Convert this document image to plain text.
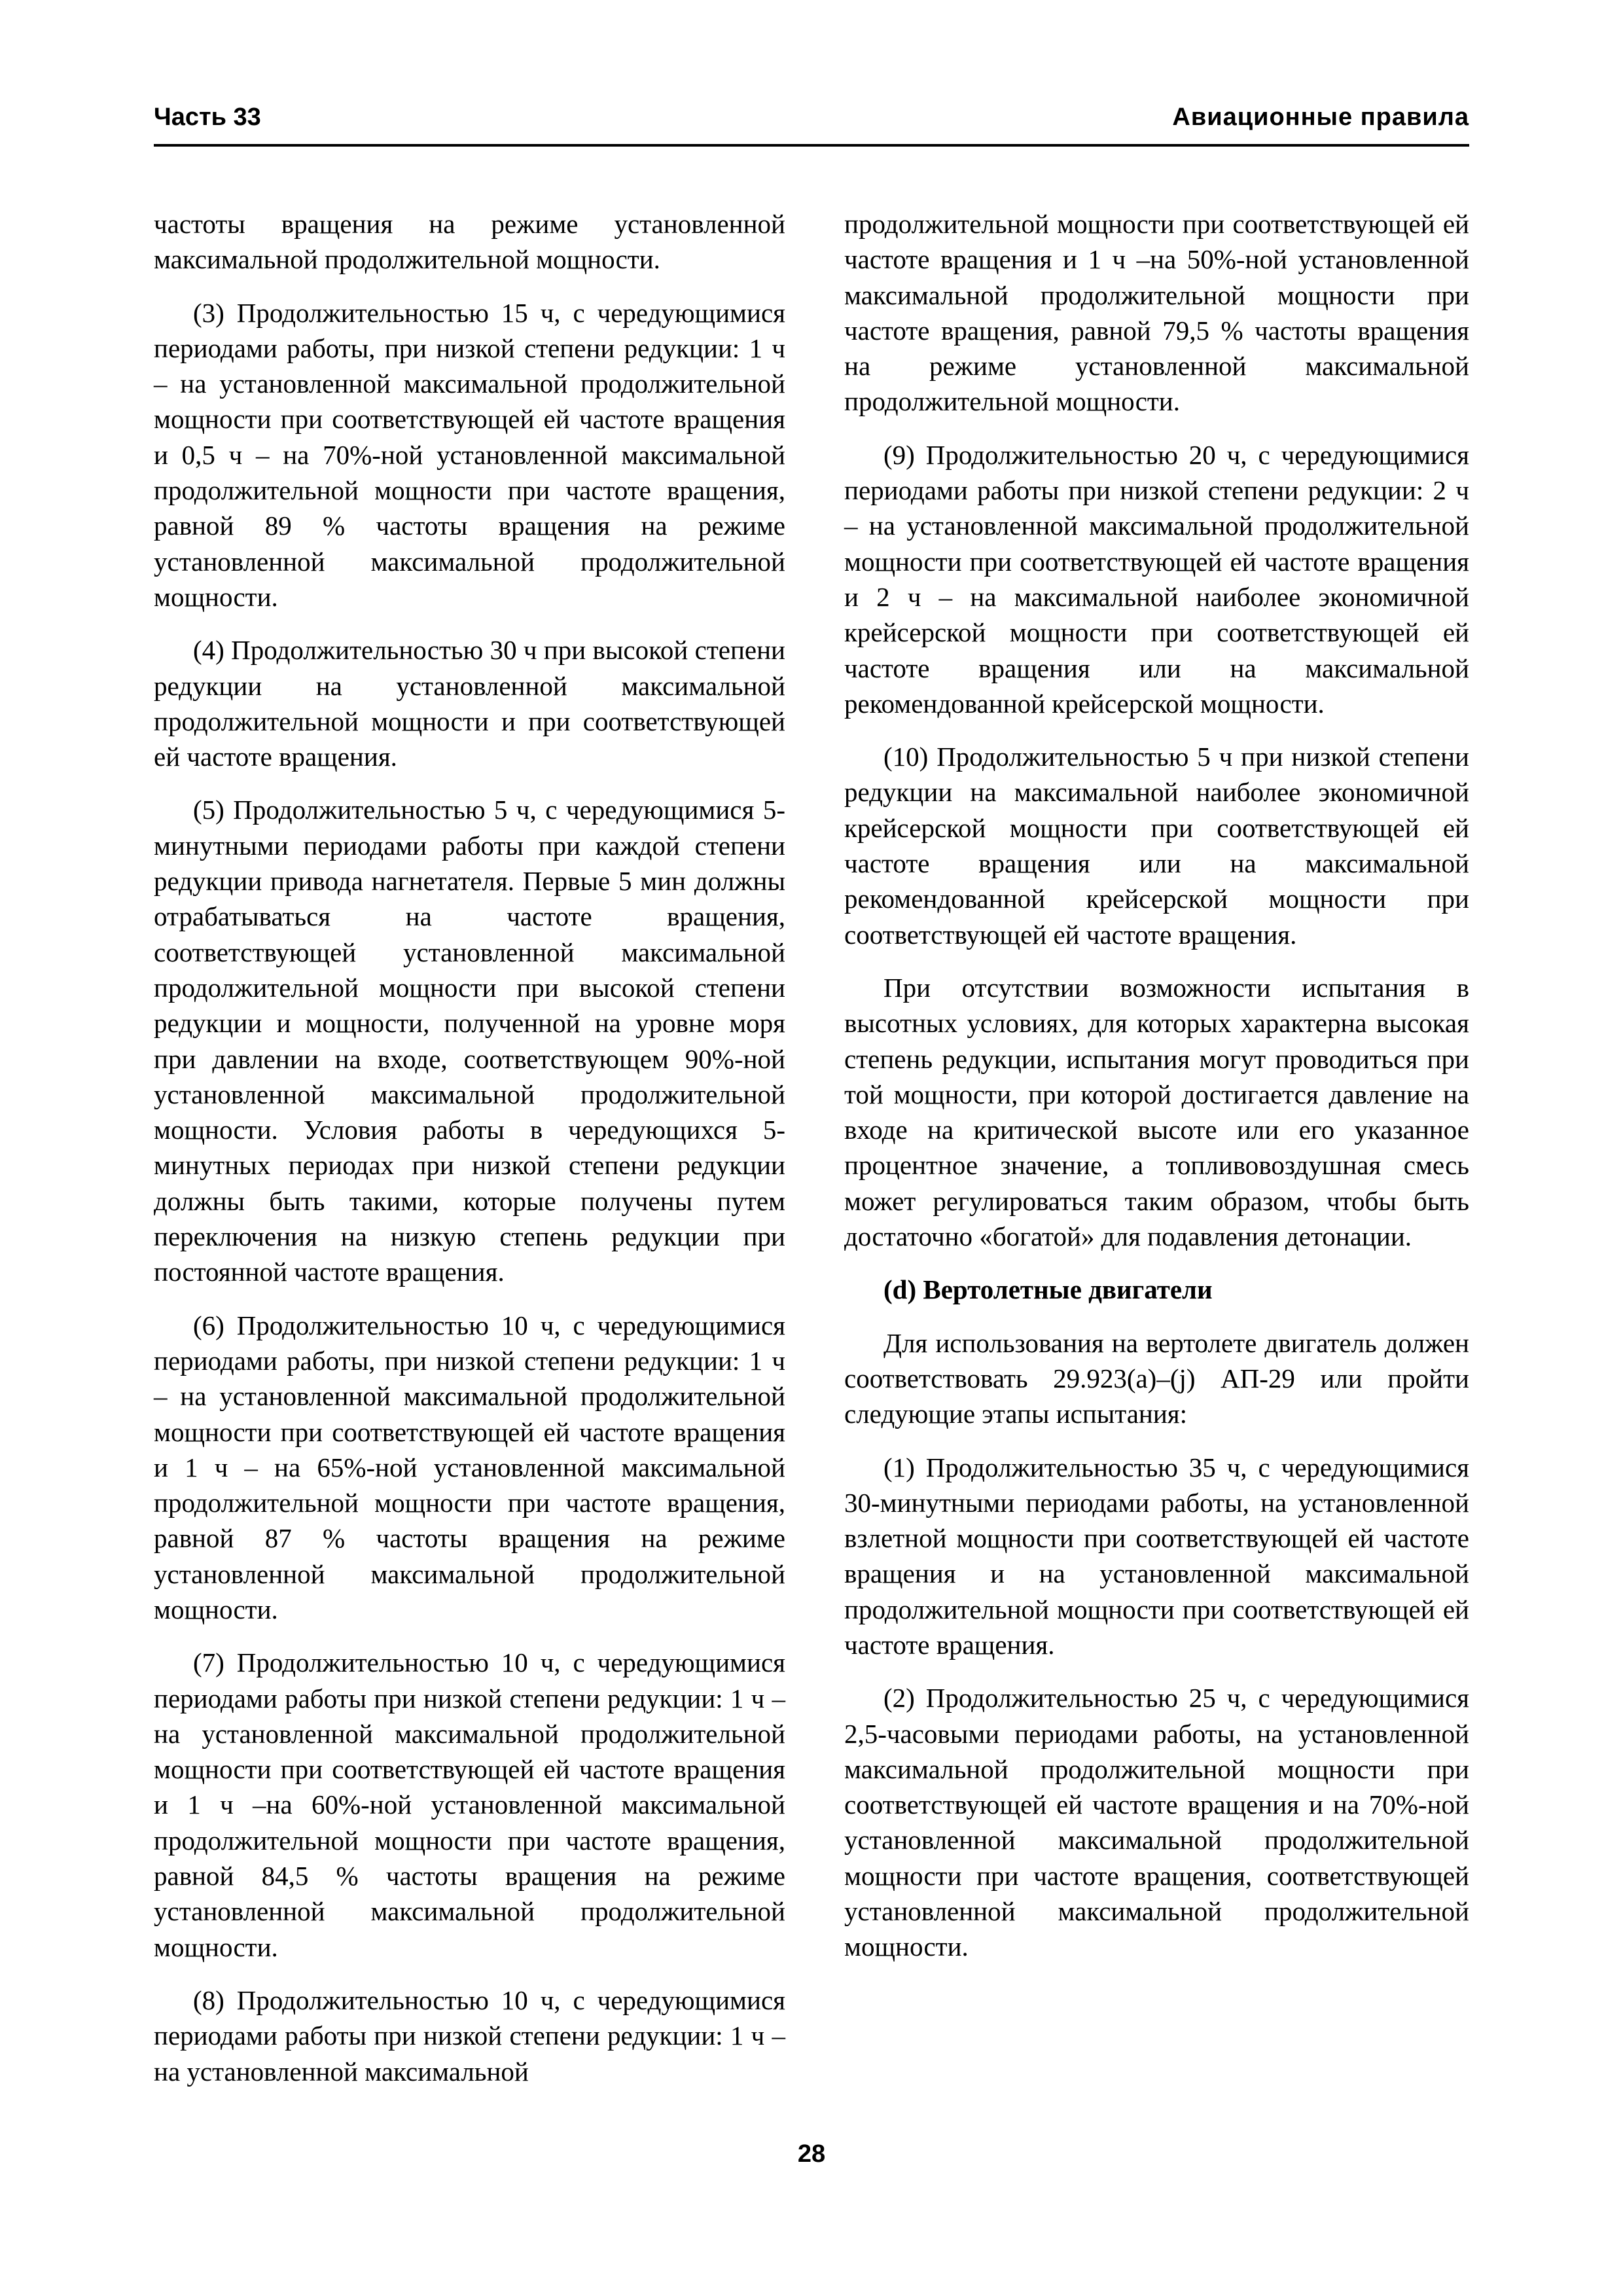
Часть 33	Авиационные правила

частоты вращения на режиме установленной максимальной продолжительной мощности.

(3) Продолжительностью 15 ч, с чередующимися периодами работы, при низкой степени редукции: 1 ч – на установленной максимальной продолжительной мощности при соответствующей ей частоте вращения и 0,5 ч – на 70%-ной установленной максимальной продолжительной мощности при частоте вращения, равной 89 % частоты вращения на режиме установленной максимальной продолжительной мощности.

(4) Продолжительностью 30 ч при высокой степени редукции на установленной максимальной продолжительной мощности и при соответствующей ей частоте вращения.

(5) Продолжительностью 5 ч, с чередующимися 5-минутными периодами работы при каждой степени редукции привода нагнетателя. Первые 5 мин должны отрабатываться на частоте вращения, соответствующей установленной максимальной продолжительной мощности при высокой степени редукции и мощности, полученной на уровне моря при давлении на входе, соответствующем 90%-ной установленной максимальной продолжительной мощности. Условия работы в чередующихся 5-минутных периодах при низкой степени редукции должны быть такими, которые получены путем переключения на низкую степень редукции при постоянной частоте вращения.

(6) Продолжительностью 10 ч, с чередующимися периодами работы, при низкой степени редукции: 1 ч – на установленной максимальной продолжительной мощности при соответствующей ей частоте вращения и 1 ч – на 65%-ной установленной максимальной продолжительной мощности при частоте вращения, равной 87 % частоты вращения на режиме установленной максимальной продолжительной мощности.

(7) Продолжительностью 10 ч, с чередующимися периодами работы при низкой степени редукции: 1 ч – на установленной максимальной продолжительной мощности при соответствующей ей частоте вращения и 1 ч –на 60%-ной установленной максимальной продолжительной мощности при частоте вращения, равной 84,5 % частоты вращения на режиме установленной максимальной продолжительной мощности.

(8) Продолжительностью 10 ч, с чередующимися периодами работы при низкой степени редукции: 1 ч – на установленной максимальной

продолжительной мощности при соответствующей ей частоте вращения и 1 ч –на 50%-ной установленной максимальной продолжительной мощности при частоте вращения, равной 79,5 % частоты вращения на режиме установленной максимальной продолжительной мощности.

(9) Продолжительностью 20 ч, с чередующимися периодами работы при низкой степени редукции: 2 ч – на установленной максимальной продолжительной мощности при соответствующей ей частоте вращения и 2 ч – на максимальной наиболее экономичной крейсерской мощности при соответствующей ей частоте вращения или на максимальной рекомендованной крейсерской мощности.

(10) Продолжительностью 5 ч при низкой степени редукции на максимальной наиболее экономичной крейсерской мощности при соответствующей ей частоте вращения или на максимальной рекомендованной крейсерской мощности при соответствующей ей частоте вращения.

При отсутствии возможности испытания в высотных условиях, для которых характерна высокая степень редукции, испытания могут проводиться при той мощности, при которой достигается давление на входе на критической высоте или его указанное процентное значение, а топливовоздушная смесь может регулироваться таким образом, чтобы быть достаточно «богатой» для подавления детонации.

(d) Вертолетные двигатели

Для использования на вертолете двигатель должен соответствовать 29.923(a)–(j) АП-29 или пройти следующие этапы испытания:

(1) Продолжительностью 35 ч, с чередующимися 30-минутными периодами работы, на установленной взлетной мощности при соответствующей ей частоте вращения и на установленной максимальной продолжительной мощности при соответствующей ей частоте вращения.

(2) Продолжительностью 25 ч, с чередующимися 2,5-часовыми периодами работы, на установленной максимальной продолжительной мощности при соответствующей ей частоте вращения и на 70%-ной установленной максимальной продолжительной мощности при частоте вращения, соответствующей установленной максимальной продолжительной мощности.

28
